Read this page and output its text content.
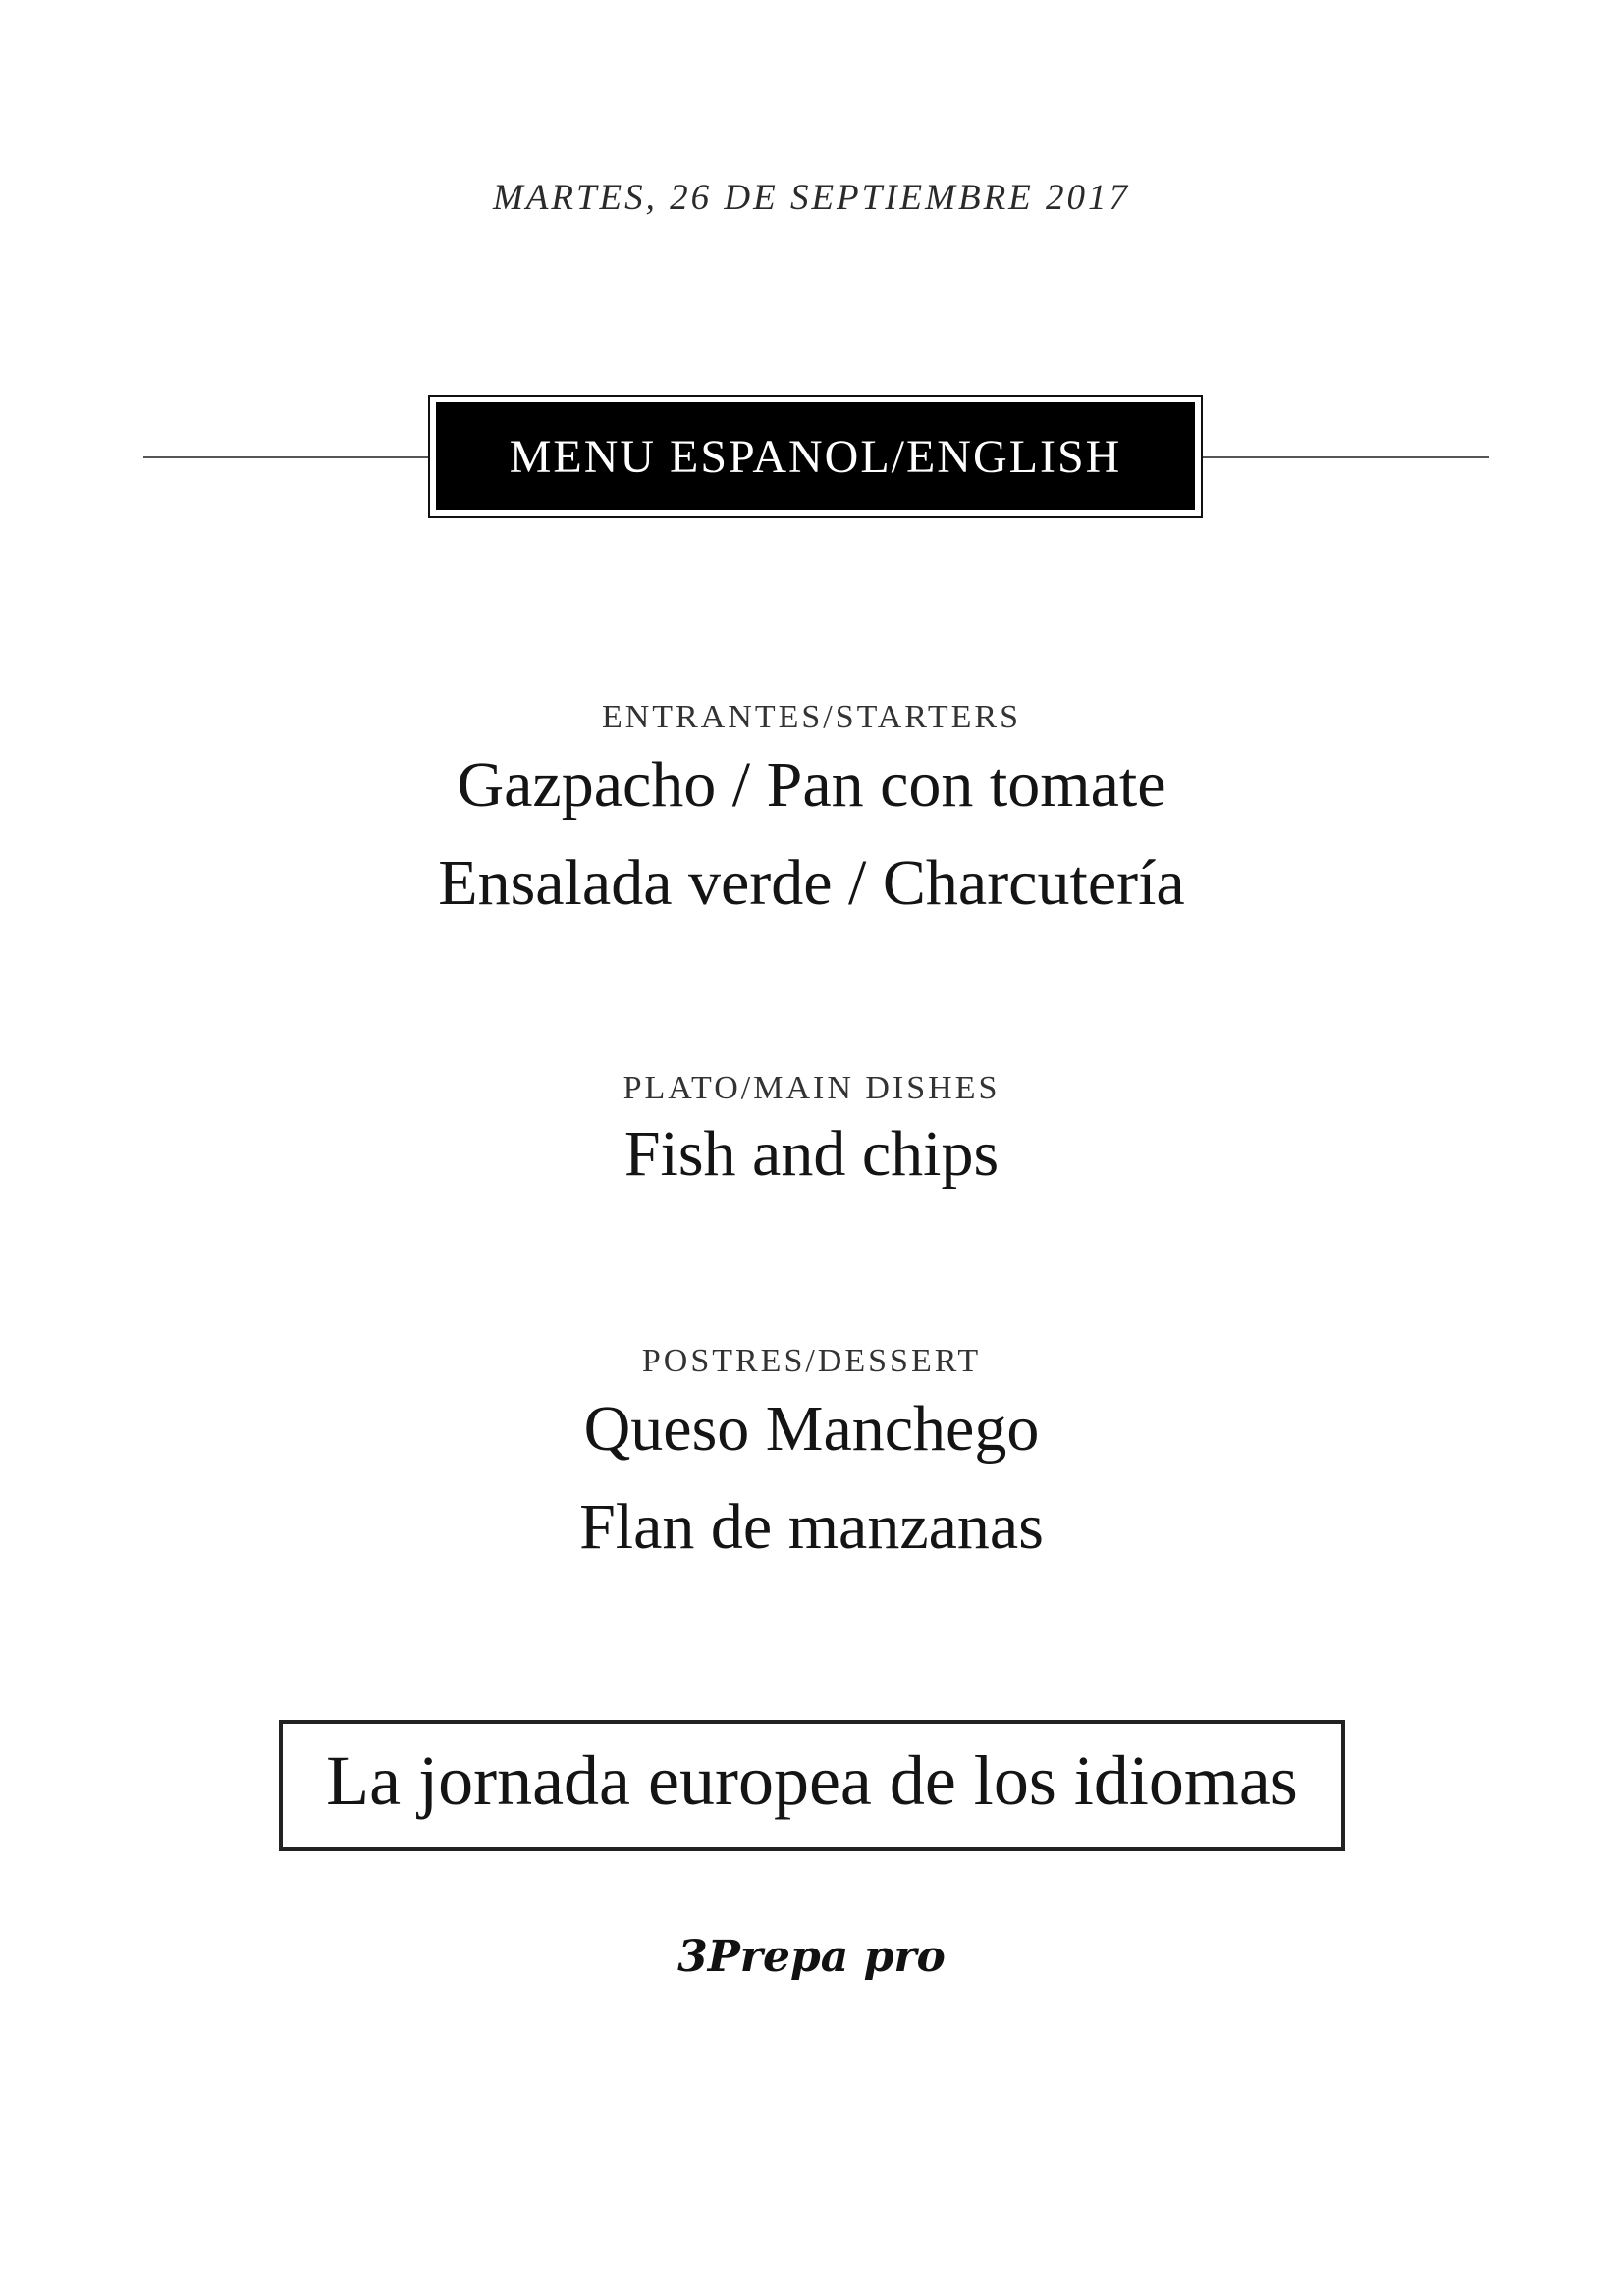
MARTES, 26 DE SEPTIEMBRE 2017
MENU ESPANOL/ENGLISH
ENTRANTES/STARTERS
Gazpacho / Pan con tomate
Ensalada verde / Charcutería
PLATO/MAIN DISHES
Fish and chips
POSTRES/DESSERT
Queso Manchego
Flan de manzanas
La jornada europea de los idiomas
3Prepa pro
